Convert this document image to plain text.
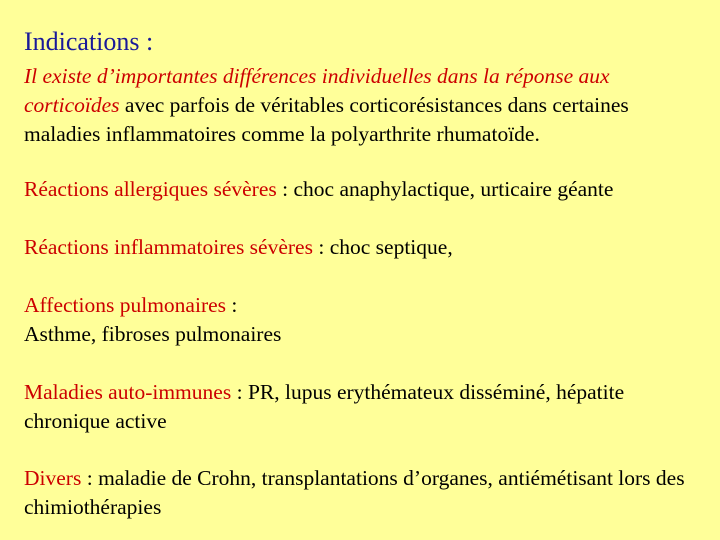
Indications :
Il existe d’importantes différences individuelles dans la réponse aux corticoïdes avec parfois de véritables corticorésistances dans certaines maladies inflammatoires comme la polyarthrite rhumatoïde.
Réactions allergiques sévères : choc anaphylactique, urticaire géante
Réactions inflammatoires sévères : choc septique,
Affections pulmonaires :
Asthme, fibroses pulmonaires
Maladies auto-immunes : PR, lupus erythémateux disséminé, hépatite chronique active
Divers : maladie de Crohn, transplantations d’organes, antiémétisant lors des chimiothérapies
